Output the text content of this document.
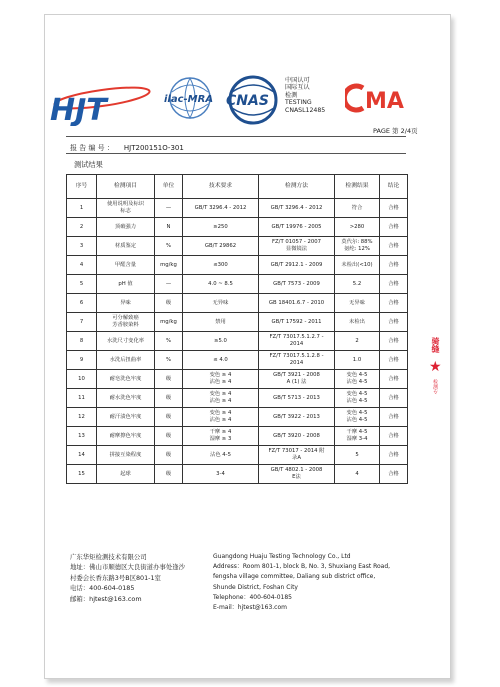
HJT	ilac-MRA CNAS
中国认可
国际互认
检测
TESTING
CNASL12485 MA
PAGE 第 2/4页
报 告 编 号 ： HJT200151O-301
测试结果
序号	检测项目	单位	技术要求	检测方法	检测结果	结论
1	使用说明及标识
标志	—	GB/T 3296.4 - 2012	GB/T 3296.4 - 2012	符合	合格
2	顶破强力	N	≥250	GB/T 19976 - 2005	>280	合格
3	材质鉴定	%	GB/T 29862	FZ/T 01057 - 2007
显微镜法	莫代尔: 88%
氨纶: 12%	合格
4	甲醛含量	mg/kg	≤300	GB/T 2912.1 - 2009	未检出(<10)	合格
5	pH 值	—	4.0 ~ 8.5	GB/T 7573 - 2009	5.2	合格
6	异味	级	无异味	GB 18401.6.7 - 2010	无异味	合格
7	可分解致癌
芳香胺染料	mg/kg	禁用	GB/T 17592 - 2011	未检出	合格
8	水洗尺寸变化率	%	≥5.0	FZ/T 73017.5.1.2.7 -
2014	2	合格
9	水洗后扭曲率	%	≤ 4.0	FZ/T 73017.5.1.2.8 -
2014	1.0	合格
10	耐皂洗色牢度	级	变色 ≥ 4
沾色 ≥ 4	GB/T 3921 - 2008
A (1) 法	变色 4-5
沾色 4-5	合格
11	耐水洗色牢度	级	变色 ≥ 4
沾色 ≥ 4	GB/T 5713 - 2013	变色 4-5
沾色 4-5	合格
12	耐汗渍色牢度	级	变色 ≥ 4
沾色 ≥ 4	GB/T 3922 - 2013	变色 4-5
沾色 4-5	合格
13	耐摩擦色牢度	级	干摩 ≥ 4
湿摩 ≥ 3	GB/T 3920 - 2008	干摩 4-5
湿摩 3-4	合格
14	拼接互染程度	级	沾色 4-5	FZ/T 73017 - 2014 附
录A	5	合格
15	起球	级	3-4	GB/T 4802.1 - 2008
E法	4	合格
骑缝
★
检测专
广东华矩检测技术有限公司
地址：佛山市顺德区大良街道办事处逢沙
村委会长香东路3号B区801-1室
电话：400-604-0185
邮箱：hjtest@163.com
Guangdong Huaju Testing Technology Co., Ltd
Address：Room 801-1, block B, No. 3, Shuxiang East Road,
fengsha village committee, Daliang sub district office,
Shunde District, Foshan City
Telephone：400-604-0185
E-mail：hjtest@163.com
